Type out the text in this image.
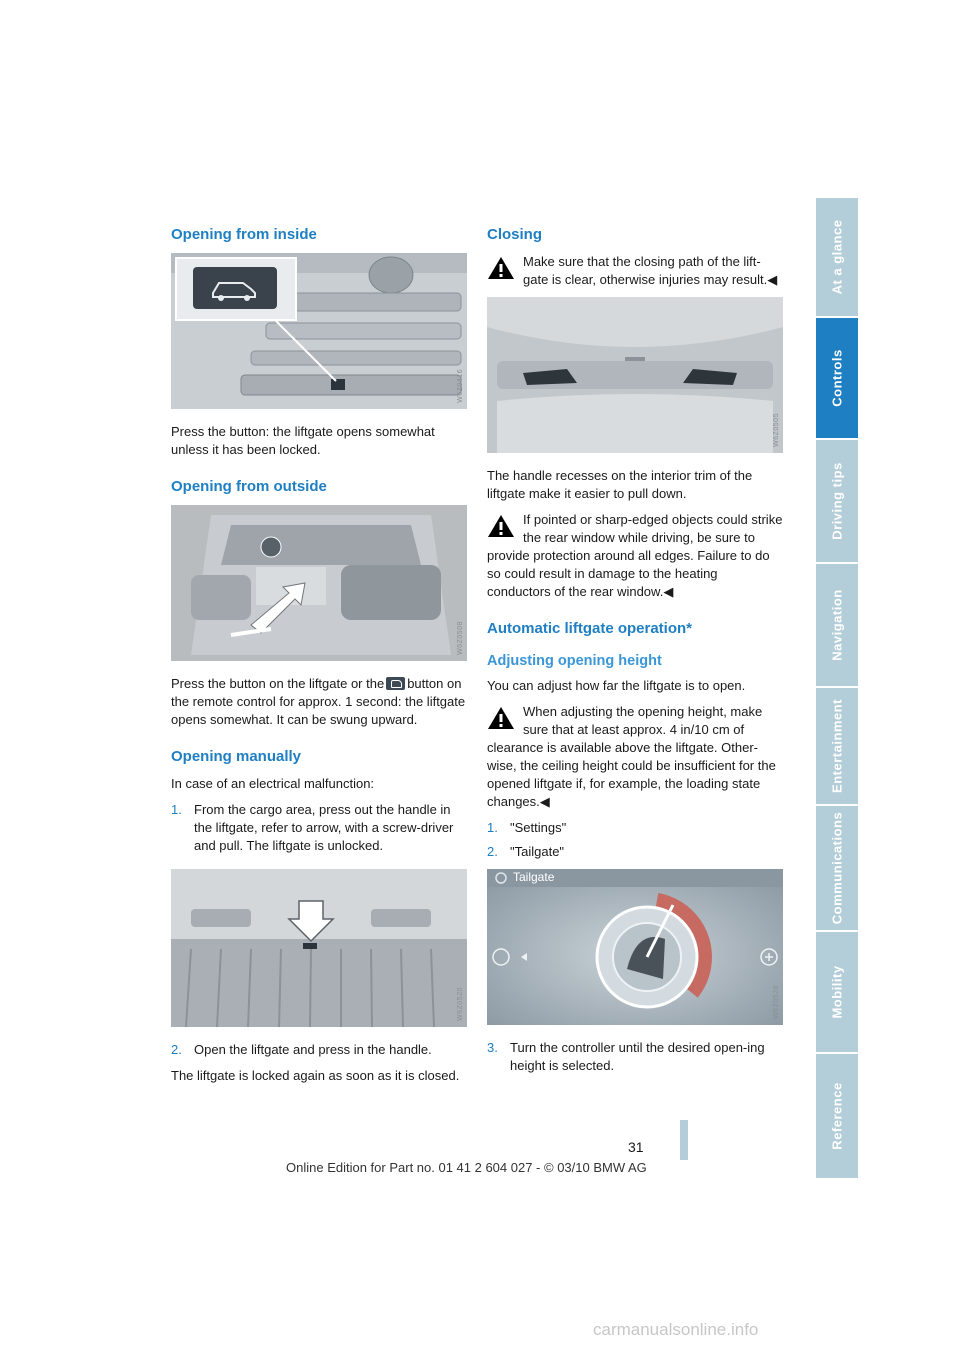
Opening from inside
W6Z0416

Press the button: the liftgate opens somewhat unless it has been locked.

Opening from outside
W6Z0508

Press the button on the liftgate or the button on the remote control for approx. 1 second: the liftgate opens somewhat. It can be swung upward.

Opening manually

In case of an electrical malfunction:

1. From the cargo area, press out the handle in the liftgate, refer to arrow, with a screw-driver and pull. The liftgate is unlocked.
W6Z0520
2. Open the liftgate and press in the handle.

The liftgate is locked again as soon as it is closed.

Closing

Make sure that the closing path of the lift-gate is clear, otherwise injuries may result.◀

W6Z0505

The handle recesses on the interior trim of the liftgate make it easier to pull down.

If pointed or sharp-edged objects could strike the rear window while driving, be sure to provide protection around all edges. Failure to do so could result in damage to the heating conductors of the rear window.◀

Automatic liftgate operation*
Adjusting opening height

You can adjust how far the liftgate is to open.

When adjusting the opening height, make sure that at least approx. 4 in/10 cm of clearance is available above the liftgate. Other-wise, the ceiling height could be insufficient for the opened liftgate if, for example, the loading state changes.◀

1. "Settings"
2. "Tailgate"
Tailgate
W6Z0526
3. Turn the controller until the desired open-ing height is selected.
At a glance
Controls
Driving tips
Navigation
Entertainment
Communications
Mobility
Reference
31
Online Edition for Part no. 01 41 2 604 027 - © 03/10 BMW AG
carmanualsonline.info
